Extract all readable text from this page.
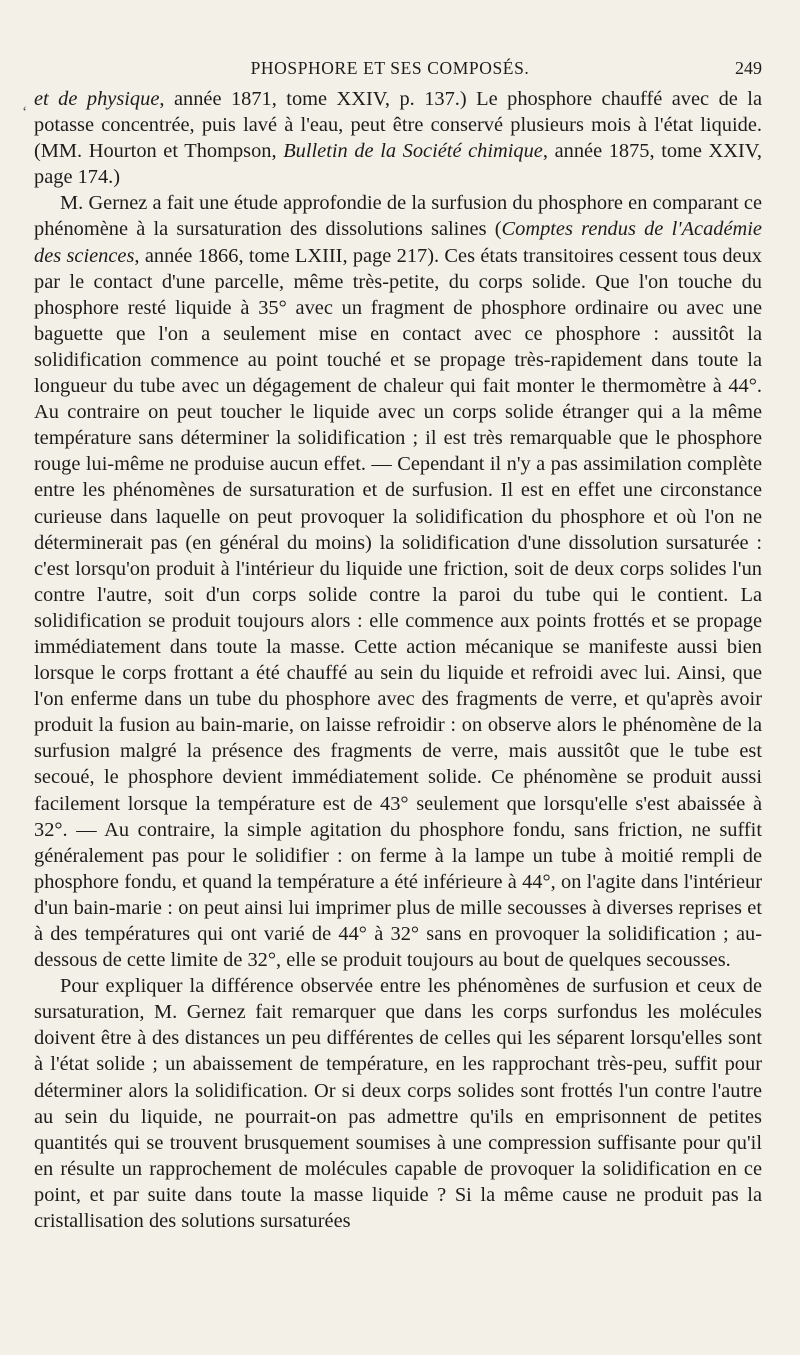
PHOSPHORE ET SES COMPOSÉS.	249
ʻ

et de physique, année 1871, tome XXIV, p. 137.) Le phosphore chauffé avec de la potasse concentrée, puis lavé à l'eau, peut être conservé plusieurs mois à l'état liquide. (MM. Hourton et Thompson, Bulletin de la Société chimique, année 1875, tome XXIV, page 174.)

M. Gernez a fait une étude approfondie de la surfusion du phosphore en comparant ce phénomène à la sursaturation des dissolutions salines (Comptes rendus de l'Académie des sciences, année 1866, tome LXIII, page 217). Ces états transitoires cessent tous deux par le contact d'une parcelle, même très-petite, du corps solide. Que l'on touche du phosphore resté liquide à 35° avec un fragment de phosphore ordinaire ou avec une baguette que l'on a seulement mise en contact avec ce phosphore : aussitôt la solidification commence au point touché et se propage très-rapidement dans toute la longueur du tube avec un dégagement de chaleur qui fait monter le thermomètre à 44°. Au contraire on peut toucher le liquide avec un corps solide étranger qui a la même température sans déterminer la solidification ; il est très remarquable que le phosphore rouge lui-même ne produise aucun effet. — Cependant il n'y a pas assimilation complète entre les phénomènes de sursaturation et de surfusion. Il est en effet une circonstance curieuse dans laquelle on peut provoquer la solidification du phosphore et où l'on ne déterminerait pas (en général du moins) la solidification d'une dissolution sursaturée : c'est lorsqu'on produit à l'intérieur du liquide une friction, soit de deux corps solides l'un contre l'autre, soit d'un corps solide contre la paroi du tube qui le contient. La solidification se produit toujours alors : elle commence aux points frottés et se propage immédiatement dans toute la masse. Cette action mécanique se manifeste aussi bien lorsque le corps frottant a été chauffé au sein du liquide et refroidi avec lui. Ainsi, que l'on enferme dans un tube du phosphore avec des fragments de verre, et qu'après avoir produit la fusion au bain-marie, on laisse refroidir : on observe alors le phénomène de la surfusion malgré la présence des fragments de verre, mais aussitôt que le tube est secoué, le phosphore devient immédiatement solide. Ce phénomène se produit aussi facilement lorsque la température est de 43° seulement que lorsqu'elle s'est abaissée à 32°. — Au contraire, la simple agitation du phosphore fondu, sans friction, ne suffit généralement pas pour le solidifier : on ferme à la lampe un tube à moitié rempli de phosphore fondu, et quand la température a été inférieure à 44°, on l'agite dans l'intérieur d'un bain-marie : on peut ainsi lui imprimer plus de mille secousses à diverses reprises et à des températures qui ont varié de 44° à 32° sans en provoquer la solidification ; au-dessous de cette limite de 32°, elle se produit toujours au bout de quelques secousses.

Pour expliquer la différence observée entre les phénomènes de surfusion et ceux de sursaturation, M. Gernez fait remarquer que dans les corps surfondus les molécules doivent être à des distances un peu différentes de celles qui les séparent lorsqu'elles sont à l'état solide ; un abaissement de température, en les rapprochant très-peu, suffit pour déterminer alors la solidification. Or si deux corps solides sont frottés l'un contre l'autre au sein du liquide, ne pourrait-on pas admettre qu'ils en emprisonnent de petites quantités qui se trouvent brusquement soumises à une compression suffisante pour qu'il en résulte un rapprochement de molécules capable de provoquer la solidification en ce point, et par suite dans toute la masse liquide ? Si la même cause ne produit pas la cristallisation des solutions sursaturées
